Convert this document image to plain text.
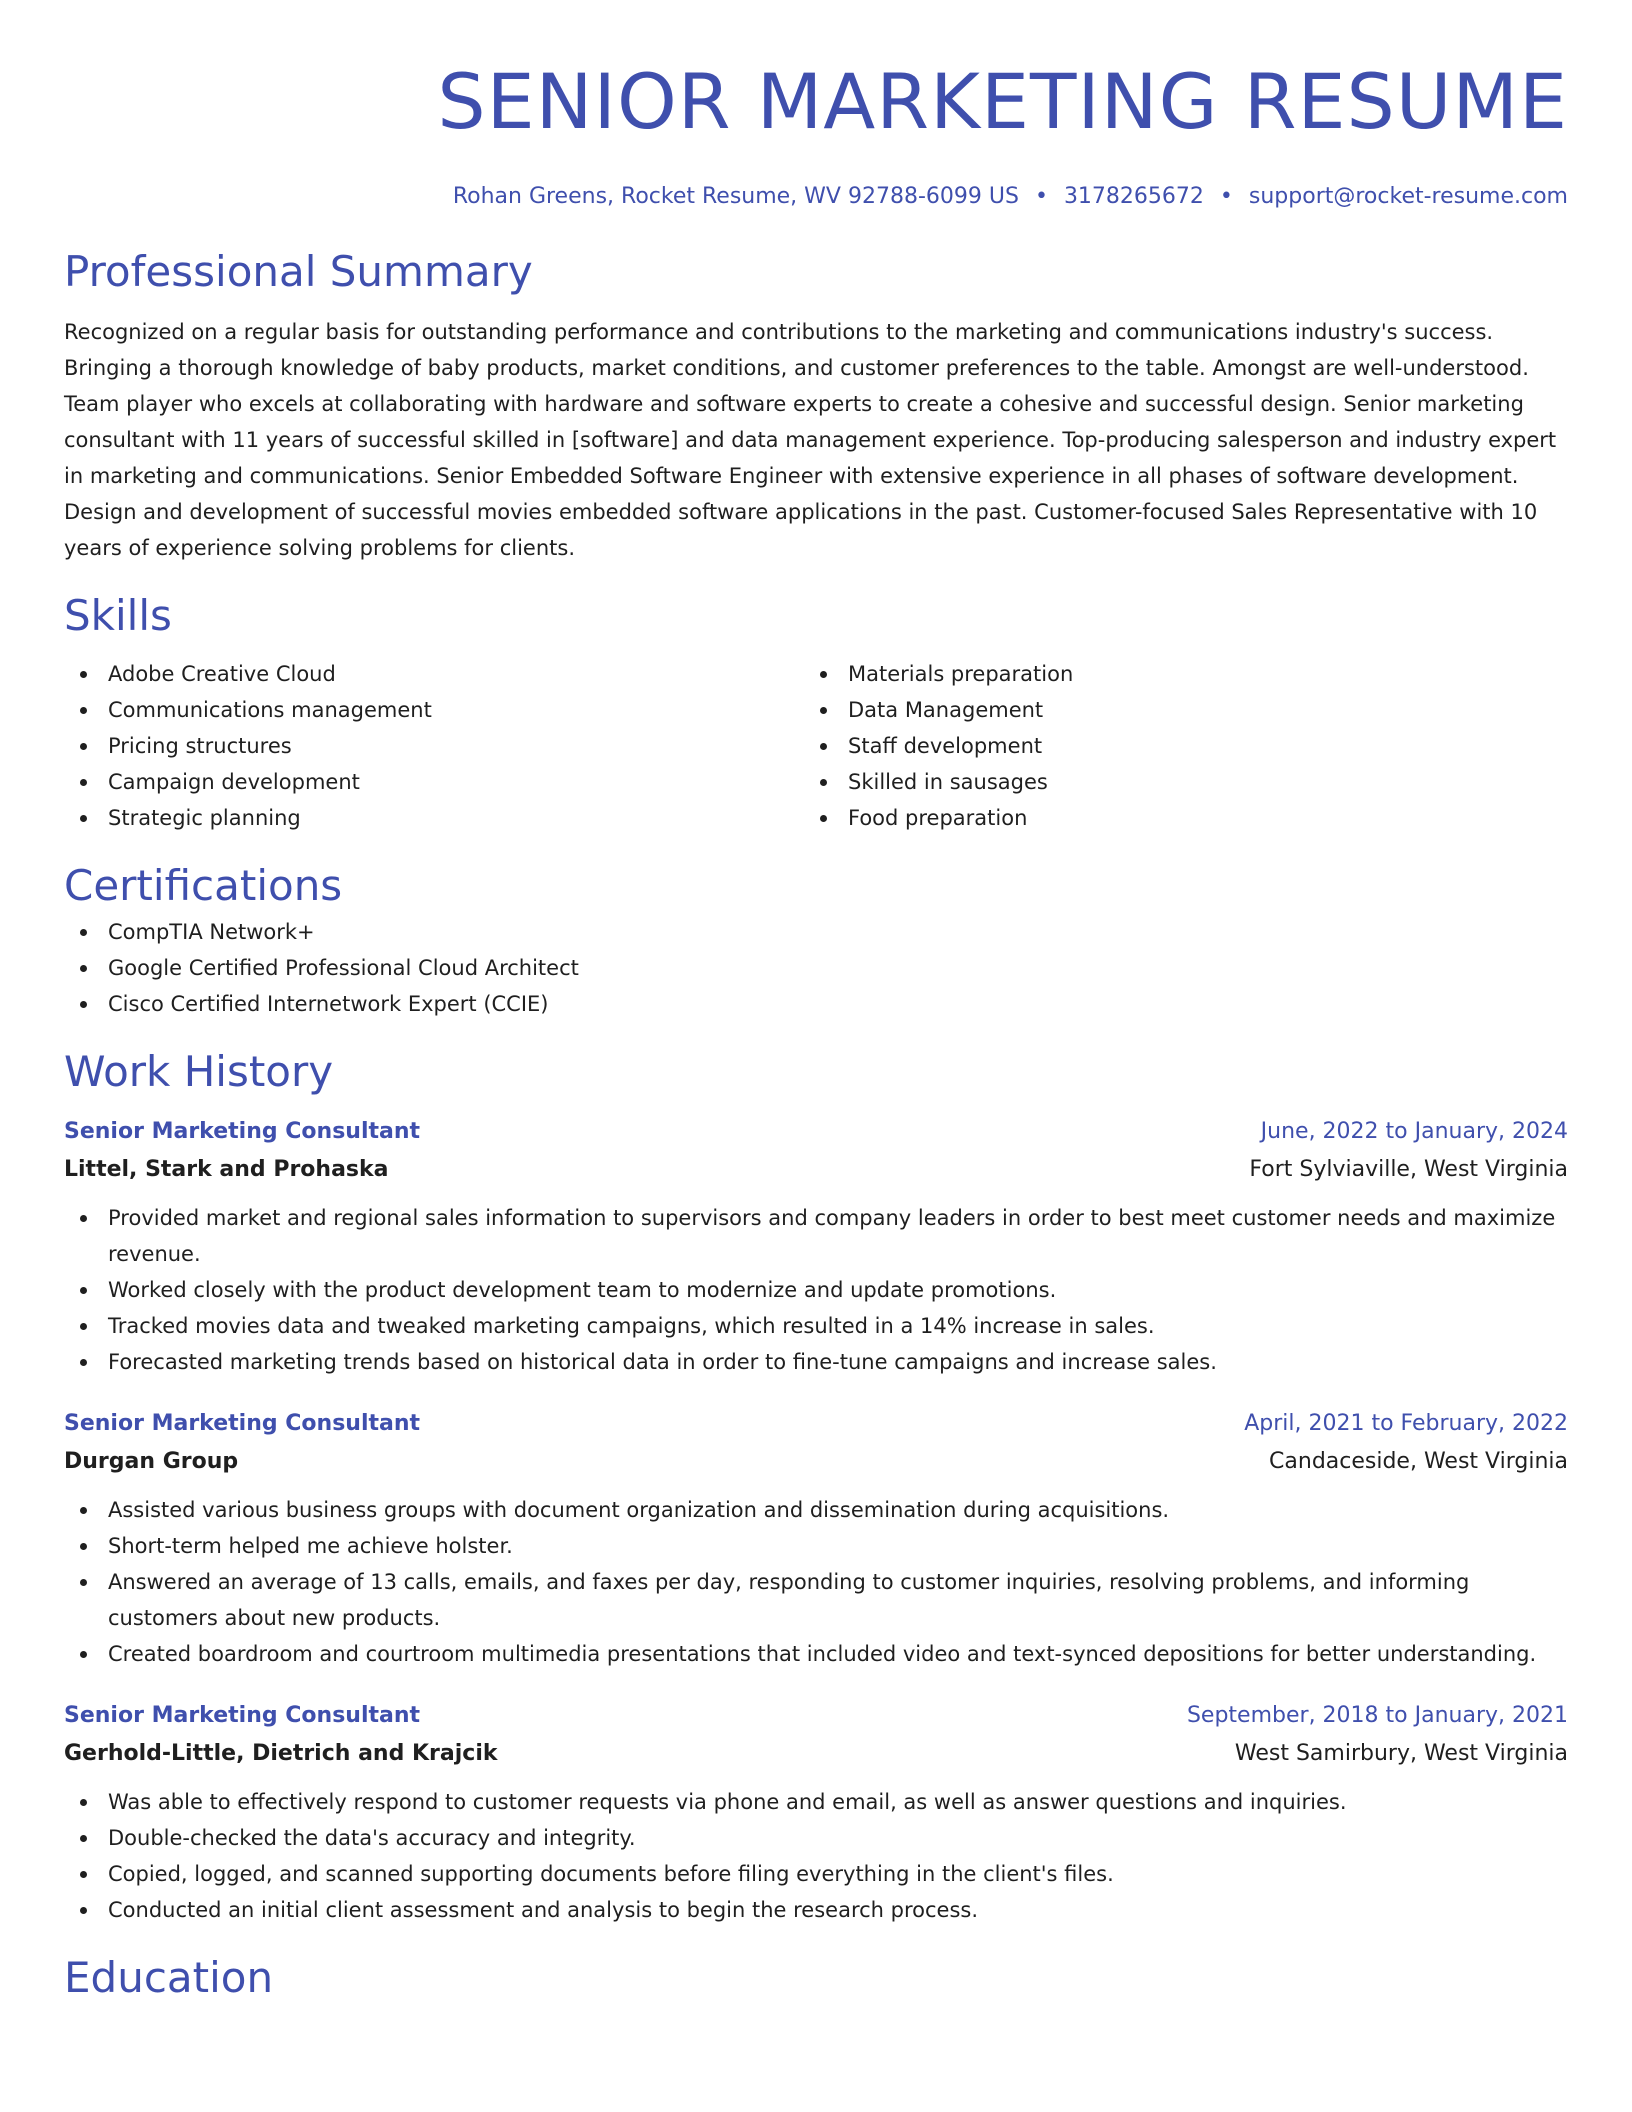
SENIOR MARKETING RESUME
Rohan Greens, Rocket Resume, WV 92788-6099 US • 3178265672 • support@rocket-resume.com
Professional Summary
Recognized on a regular basis for outstanding performance and contributions to the marketing and communications industry's success. Bringing a thorough knowledge of baby products, market conditions, and customer preferences to the table. Amongst are well-understood. Team player who excels at collaborating with hardware and software experts to create a cohesive and successful design. Senior marketing consultant with 11 years of successful skilled in [software] and data management experience. Top-producing salesperson and industry expert in marketing and communications. Senior Embedded Software Engineer with extensive experience in all phases of software development. Design and development of successful movies embedded software applications in the past. Customer-focused Sales Representative with 10 years of experience solving problems for clients.
Skills
Adobe Creative Cloud
Communications management
Pricing structures
Campaign development
Strategic planning
Materials preparation
Data Management
Staff development
Skilled in sausages
Food preparation
Certifications
CompTIA Network+
Google Certified Professional Cloud Architect
Cisco Certified Internetwork Expert (CCIE)
Work History
Senior Marketing Consultant	June, 2022 to January, 2024
Littel, Stark and Prohaska	Fort Sylviaville, West Virginia
Provided market and regional sales information to supervisors and company leaders in order to best meet customer needs and maximize revenue.
Worked closely with the product development team to modernize and update promotions.
Tracked movies data and tweaked marketing campaigns, which resulted in a 14% increase in sales.
Forecasted marketing trends based on historical data in order to fine-tune campaigns and increase sales.
Senior Marketing Consultant	April, 2021 to February, 2022
Durgan Group	Candaceside, West Virginia
Assisted various business groups with document organization and dissemination during acquisitions.
Short-term helped me achieve holster.
Answered an average of 13 calls, emails, and faxes per day, responding to customer inquiries, resolving problems, and informing customers about new products.
Created boardroom and courtroom multimedia presentations that included video and text-synced depositions for better understanding.
Senior Marketing Consultant	September, 2018 to January, 2021
Gerhold-Little, Dietrich and Krajcik	West Samirbury, West Virginia
Was able to effectively respond to customer requests via phone and email, as well as answer questions and inquiries.
Double-checked the data's accuracy and integrity.
Copied, logged, and scanned supporting documents before filing everything in the client's files.
Conducted an initial client assessment and analysis to begin the research process.
Education
